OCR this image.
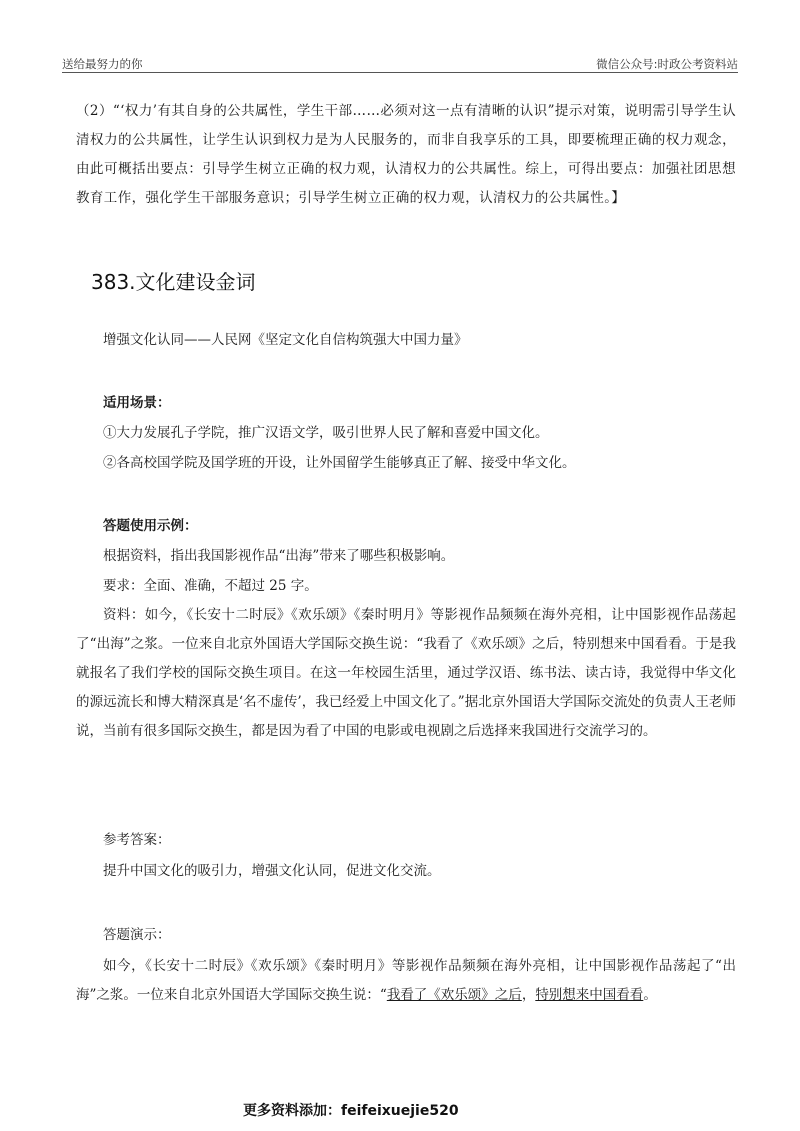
送给最努力的你	微信公众号:时政公考资料站

（2）“‘权力’有其自身的公共属性，学生干部……必须对这一点有清晰的认识”提示对策，说明需引导学生认清权力的公共属性，让学生认识到权力是为人民服务的，而非自我享乐的工具，即要梳理正确的权力观念，由此可概括出要点：引导学生树立正确的权力观，认清权力的公共属性。综上，可得出要点：加强社团思想教育工作，强化学生干部服务意识；引导学生树立正确的权力观，认清权力的公共属性。】

383.文化建设金词

增强文化认同——人民网《坚定文化自信构筑强大中国力量》

适用场景：

①大力发展孔子学院，推广汉语文学，吸引世界人民了解和喜爱中国文化。

②各高校国学院及国学班的开设，让外国留学生能够真正了解、接受中华文化。

答题使用示例：

根据资料，指出我国影视作品“出海”带来了哪些积极影响。

要求：全面、准确，不超过 25 字。

资料：如今，《长安十二时辰》《欢乐颂》《秦时明月》等影视作品频频在海外亮相，让中国影视作品荡起了“出海”之浆。一位来自北京外国语大学国际交换生说：“我看了《欢乐颂》之后，特别想来中国看看。于是我就报名了我们学校的国际交换生项目。在这一年校园生活里，通过学汉语、练书法、读古诗，我觉得中华文化的源远流长和博大精深真是‘名不虚传’，我已经爱上中国文化了。”据北京外国语大学国际交流处的负责人王老师说，当前有很多国际交换生，都是因为看了中国的电影或电视剧之后选择来我国进行交流学习的。

参考答案：

提升中国文化的吸引力，增强文化认同，促进文化交流。

答题演示：

如今，《长安十二时辰》《欢乐颂》《秦时明月》等影视作品频频在海外亮相，让中国影视作品荡起了“出海”之浆。一位来自北京外国语大学国际交换生说：“我看了《欢乐颂》之后，特别想来中国看看。

更多资料添加：feifeixuejie520
